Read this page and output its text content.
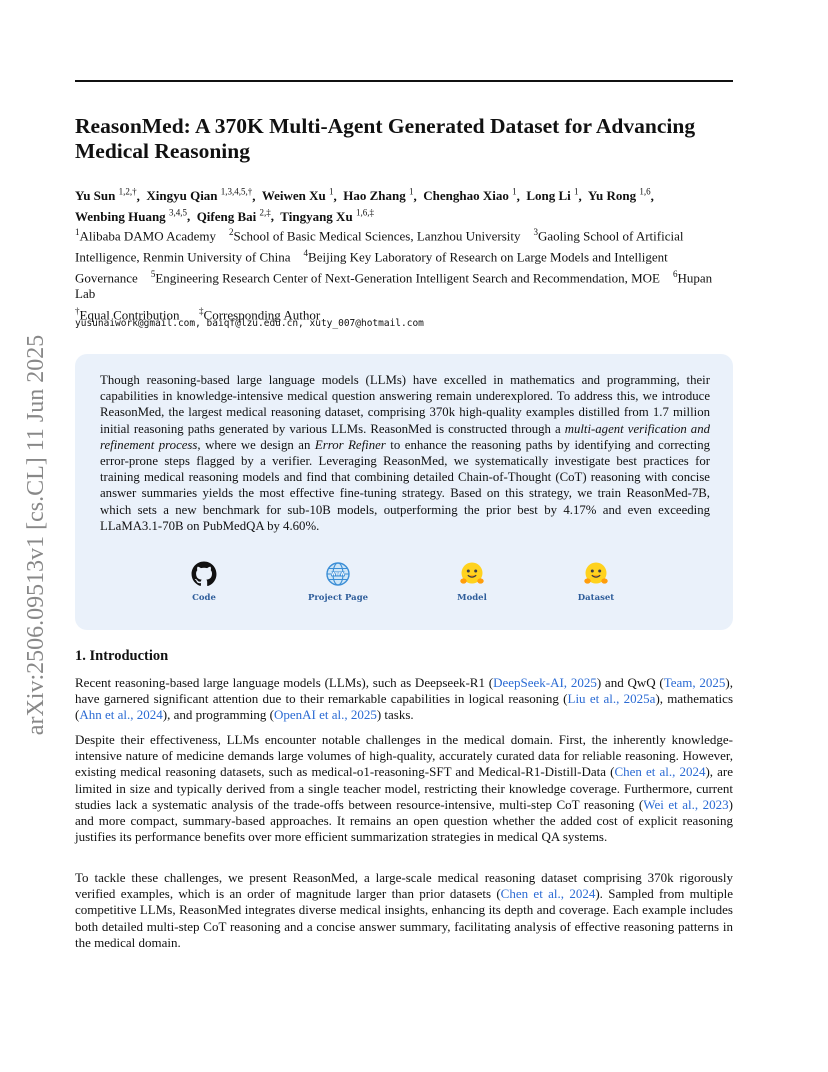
arXiv:2506.09513v1 [cs.CL] 11 Jun 2025
ReasonMed: A 370K Multi-Agent Generated Dataset for Advancing
Medical Reasoning
Yu Sun $^{1,2,\dagger}$,  Xingyu Qian $^{1,3,4,5,\dagger}$,  Weiwen Xu $^1$,  Hao Zhang $^1$,  Chenghao Xiao $^1$,  Long Li $^1$,  Yu Rong $^{1,6}$,
Wenbing Huang $^{3,4,5}$,  Qifeng Bai $^{2,\ddagger}$,  Tingyang Xu $^{1,6,\ddagger}$
$^1$Alibaba DAMO Academy $^2$School of Basic Medical Sciences, Lanzhou University $^3$Gaoling School of Artificial Intelligence, Renmin University of China $^4$Beijing Key Laboratory of Research on Large Models and Intelligent Governance $^5$Engineering Research Center of Next-Generation Intelligent Search and Recommendation, MOE $^6$Hupan Lab
†Equal Contribution ‡Corresponding Author
yusunaiwork@gmail.com, baiqf@lzu.edu.cn, xuty_007@hotmail.com
Though reasoning-based large language models (LLMs) have excelled in mathematics and programming, their capabilities in knowledge-intensive medical question answering remain underexplored. To address this, we introduce ReasonMed, the largest medical reasoning dataset, comprising 370k high-quality examples distilled from 1.7 million initial reasoning paths generated by various LLMs. ReasonMed is constructed through a multi-agent verification and refinement process, where we design an Error Refiner to enhance the reasoning paths by identifying and correcting error-prone steps flagged by a verifier. Leveraging ReasonMed, we systematically investigate best practices for training medical reasoning models and find that combining detailed Chain-of-Thought (CoT) reasoning with concise answer summaries yields the most effective fine-tuning strategy. Based on this strategy, we train ReasonMed-7B, which sets a new benchmark for sub-10B models, outperforming the prior best by 4.17% and even exceeding LLaMA3.1-70B on PubMedQA by 4.60%.
Code
WWW
Project Page	Model	Dataset
1. Introduction

Recent reasoning-based large language models (LLMs), such as Deepseek-R1 (DeepSeek-AI, 2025) and QwQ (Team, 2025), have garnered significant attention due to their remarkable capabilities in logical reasoning (Liu et al., 2025a), mathematics (Ahn et al., 2024), and programming (OpenAI et al., 2025) tasks.

Despite their effectiveness, LLMs encounter notable challenges in the medical domain. First, the inherently knowledge-intensive nature of medicine demands large volumes of high-quality, accurately curated data for reliable reasoning. However, existing medical reasoning datasets, such as medical-o1-reasoning-SFT and Medical-R1-Distill-Data (Chen et al., 2024), are limited in size and typically derived from a single teacher model, restricting their knowledge coverage. Furthermore, current studies lack a systematic analysis of the trade-offs between resource-intensive, multi-step CoT reasoning (Wei et al., 2023) and more compact, summary-based approaches. It remains an open question whether the added cost of explicit reasoning justifies its performance benefits over more efficient summarization strategies in medical QA systems.

To tackle these challenges, we present ReasonMed, a large-scale medical reasoning dataset comprising 370k rigorously verified examples, which is an order of magnitude larger than prior datasets (Chen et al., 2024). Sampled from multiple competitive LLMs, ReasonMed integrates diverse medical insights, enhancing its depth and coverage. Each example includes both detailed multi-step CoT reasoning and a concise answer summary, facilitating analysis of effective reasoning patterns in the medical domain.
